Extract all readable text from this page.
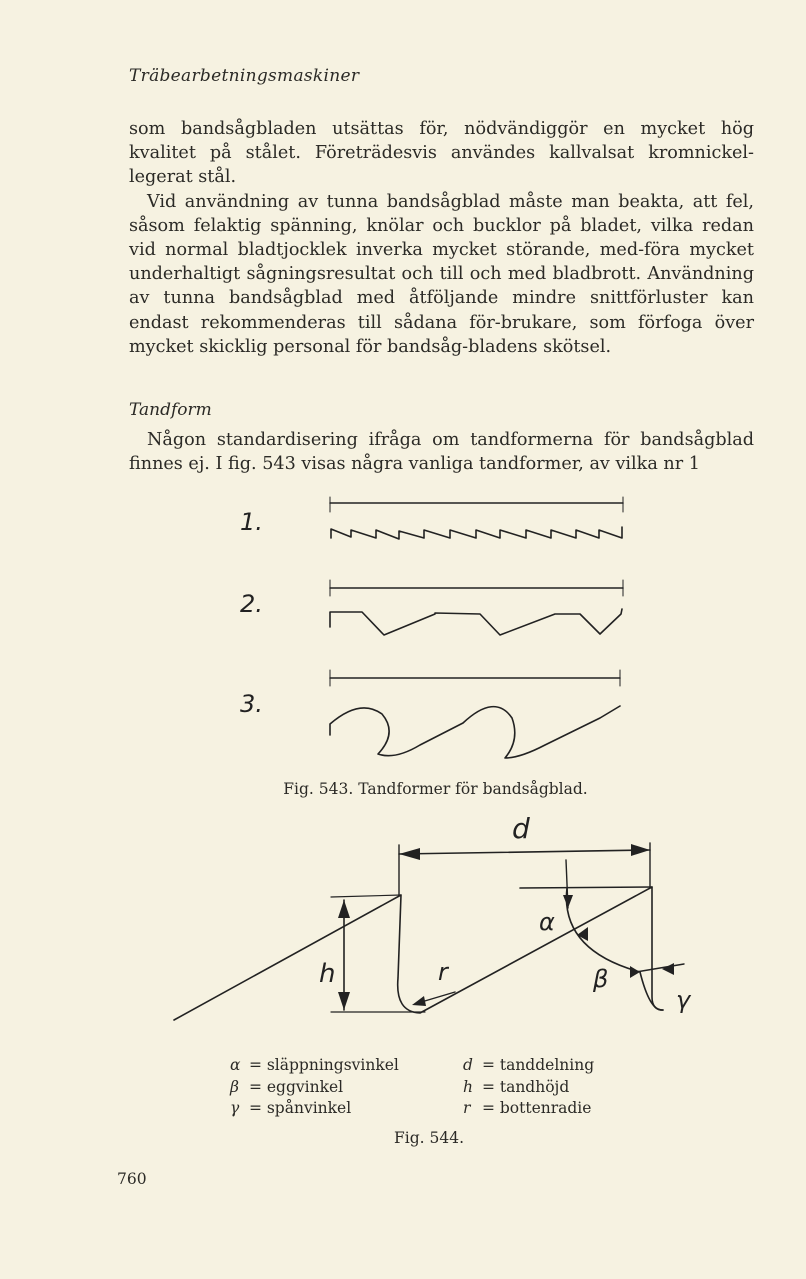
Träbearbetningsmaskiner

som bandsågbladen utsättas för, nödvändiggör en mycket hög kvalitet på stålet. Företrädesvis användes kallvalsat kromnickel-legerat stål.

Vid användning av tunna bandsågblad måste man beakta, att fel, såsom felaktig spänning, knölar och bucklor på bladet, vilka redan vid normal bladtjocklek inverka mycket störande, med-föra mycket underhaltigt sågningsresultat och till och med bladbrott. Användning av tunna bandsågblad med åtföljande mindre snittförluster kan endast rekommenderas till sådana för-brukare, som förfoga över mycket skicklig personal för bandsåg-bladens skötsel.

Tandform

Någon standardisering ifråga om tandformerna för bandsågblad finnes ej. I fig. 543 visas några vanliga tandformer, av vilka nr 1

1.
2.
3.
d
h	r
α
β
γ
Fig. 543. Tandformer för bandsågblad.
α = släppningsvinkel
β = eggvinkel
γ = spånvinkel
d = tanddelning
h = tandhöjd
r = bottenradie
Fig. 544.
760
